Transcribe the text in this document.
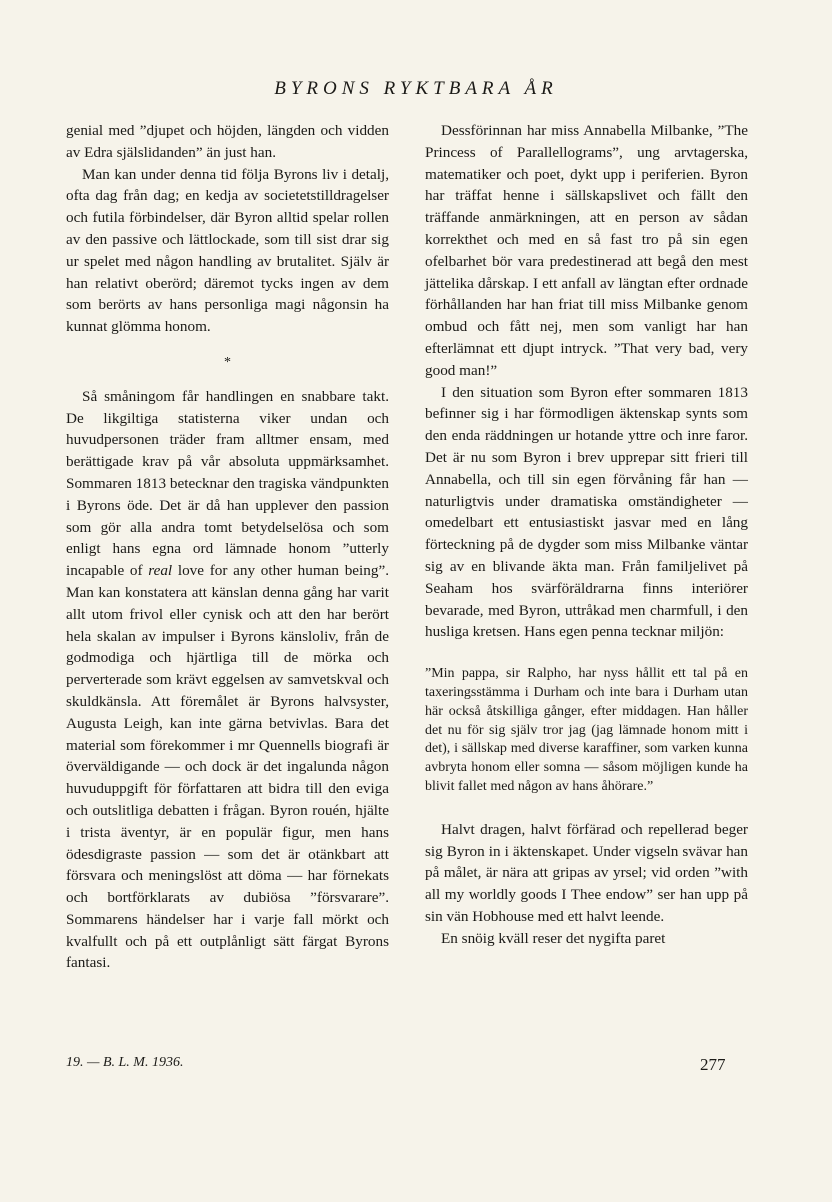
BYRONS RYKTBARA ÅR

genial med ”djupet och höjden, längden och vidden av Edra själslidanden” än just han.

Man kan under denna tid följa Byrons liv i detalj, ofta dag från dag; en kedja av societetstilldragelser och futila förbindelser, där Byron alltid spelar rollen av den passive och lättlockade, som till sist drar sig ur spelet med någon handling av brutalitet. Själv är han relativt oberörd; däremot tycks ingen av dem som berörts av hans personliga magi någonsin ha kunnat glömma honom.

*

Så småningom får handlingen en snabbare takt. De likgiltiga statisterna viker undan och huvudpersonen träder fram alltmer ensam, med berättigade krav på vår absoluta uppmärksamhet. Sommaren 1813 betecknar den tragiska vändpunkten i Byrons öde. Det är då han upplever den passion som gör alla andra tomt betydelselösa och som enligt hans egna ord lämnade honom ”utterly incapable of real love for any other human being”. Man kan konstatera att känslan denna gång har varit allt utom frivol eller cynisk och att den har berört hela skalan av impulser i Byrons känsloliv, från de godmodiga och hjärtliga till de mörka och perverterade som krävt eggelsen av samvetskval och skuldkänsla. Att föremålet är Byrons halvsyster, Augusta Leigh, kan inte gärna betvivlas. Bara det material som förekommer i mr Quennells biografi är överväldigande — och dock är det ingalunda någon huvuduppgift för författaren att bidra till den eviga och outslitliga debatten i frågan. Byron rouén, hjälte i trista äventyr, är en populär figur, men hans ödesdigraste passion — som det är otänkbart att försvara och meningslöst att döma — har förnekats och bortförklarats av dubiösa ”försvarare”. Sommarens händelser har i varje fall mörkt och kvalfullt och på ett outplånligt sätt färgat Byrons fantasi.

Dessförinnan har miss Annabella Milbanke, ”The Princess of Parallellograms”, ung arvtagerska, matematiker och poet, dykt upp i periferien. Byron har träffat henne i sällskapslivet och fällt den träffande anmärkningen, att en person av sådan korrekthet och med en så fast tro på sin egen ofelbarhet bör vara predestinerad att begå den mest jättelika dårskap. I ett anfall av längtan efter ordnade förhållanden har han friat till miss Milbanke genom ombud och fått nej, men som vanligt har han efterlämnat ett djupt intryck. ”That very bad, very good man!”

I den situation som Byron efter sommaren 1813 befinner sig i har förmodligen äktenskap synts som den enda räddningen ur hotande yttre och inre faror. Det är nu som Byron i brev upprepar sitt frieri till Annabella, och till sin egen förvåning får han — naturligtvis under dramatiska omständigheter — omedelbart ett entusiastiskt jasvar med en lång förteckning på de dygder som miss Milbanke väntar sig av en blivande äkta man. Från familjelivet på Seaham hos svärföräldrarna finns interiörer bevarade, med Byron, uttråkad men charmfull, i den husliga kretsen. Hans egen penna tecknar miljön:

”Min pappa, sir Ralpho, har nyss hållit ett tal på en taxeringsstämma i Durham och inte bara i Durham utan här också åtskilliga gånger, efter middagen. Han håller det nu för sig själv tror jag (jag lämnade honom mitt i det), i sällskap med diverse karaffiner, som varken kunna avbryta honom eller somna — såsom möjligen kunde ha blivit fallet med någon av hans åhörare.”

Halvt dragen, halvt förfärad och repellerad beger sig Byron in i äktenskapet. Under vigseln svävar han på målet, är nära att gripas av yrsel; vid orden ”with all my worldly goods I Thee endow” ser han upp på sin vän Hobhouse med ett halvt leende.

En snöig kväll reser det nygifta paret

19. — B. L. M. 1936.	277
